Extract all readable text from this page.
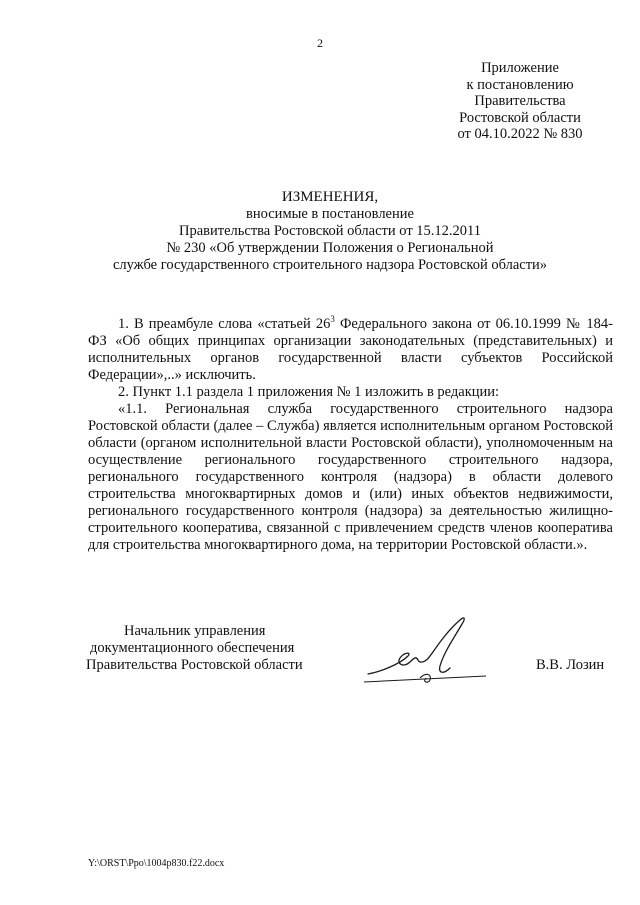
2
Приложение
к постановлению
Правительства
Ростовской области
от 04.10.2022 № 830
ИЗМЕНЕНИЯ,
вносимые в постановление
Правительства Ростовской области от 15.12.2011
№ 230 «Об утверждении Положения о Региональной
службе государственного строительного надзора Ростовской области»

1. В преамбуле слова «статьей $26^3$ Федерального закона от 06.10.1999 № 184-ФЗ «Об общих принципах организации законодательных (представительных) и исполнительных органов государственной власти субъектов Российской Федерации»,..» исключить.

2. Пункт 1.1 раздела 1 приложения № 1 изложить в редакции:

«1.1. Региональная служба государственного строительного надзора Ростовской области (далее – Служба) является исполнительным органом Ростовской области (органом исполнительной власти Ростовской области), уполномоченным на осуществление регионального государственного строительного надзора, регионального государственного контроля (надзора) в области долевого строительства многоквартирных домов и (или) иных объектов недвижимости, регионального государственного контроля (надзора) за деятельностью жилищно-строительного кооператива, связанной с привлечением средств членов кооператива для строительства многоквартирного дома, на территории Ростовской области.».

Начальник управления
документационного обеспечения
Правительства Ростовской области	В.В. Лозин
Y:\ORST\Ppo\1004p830.f22.docx
